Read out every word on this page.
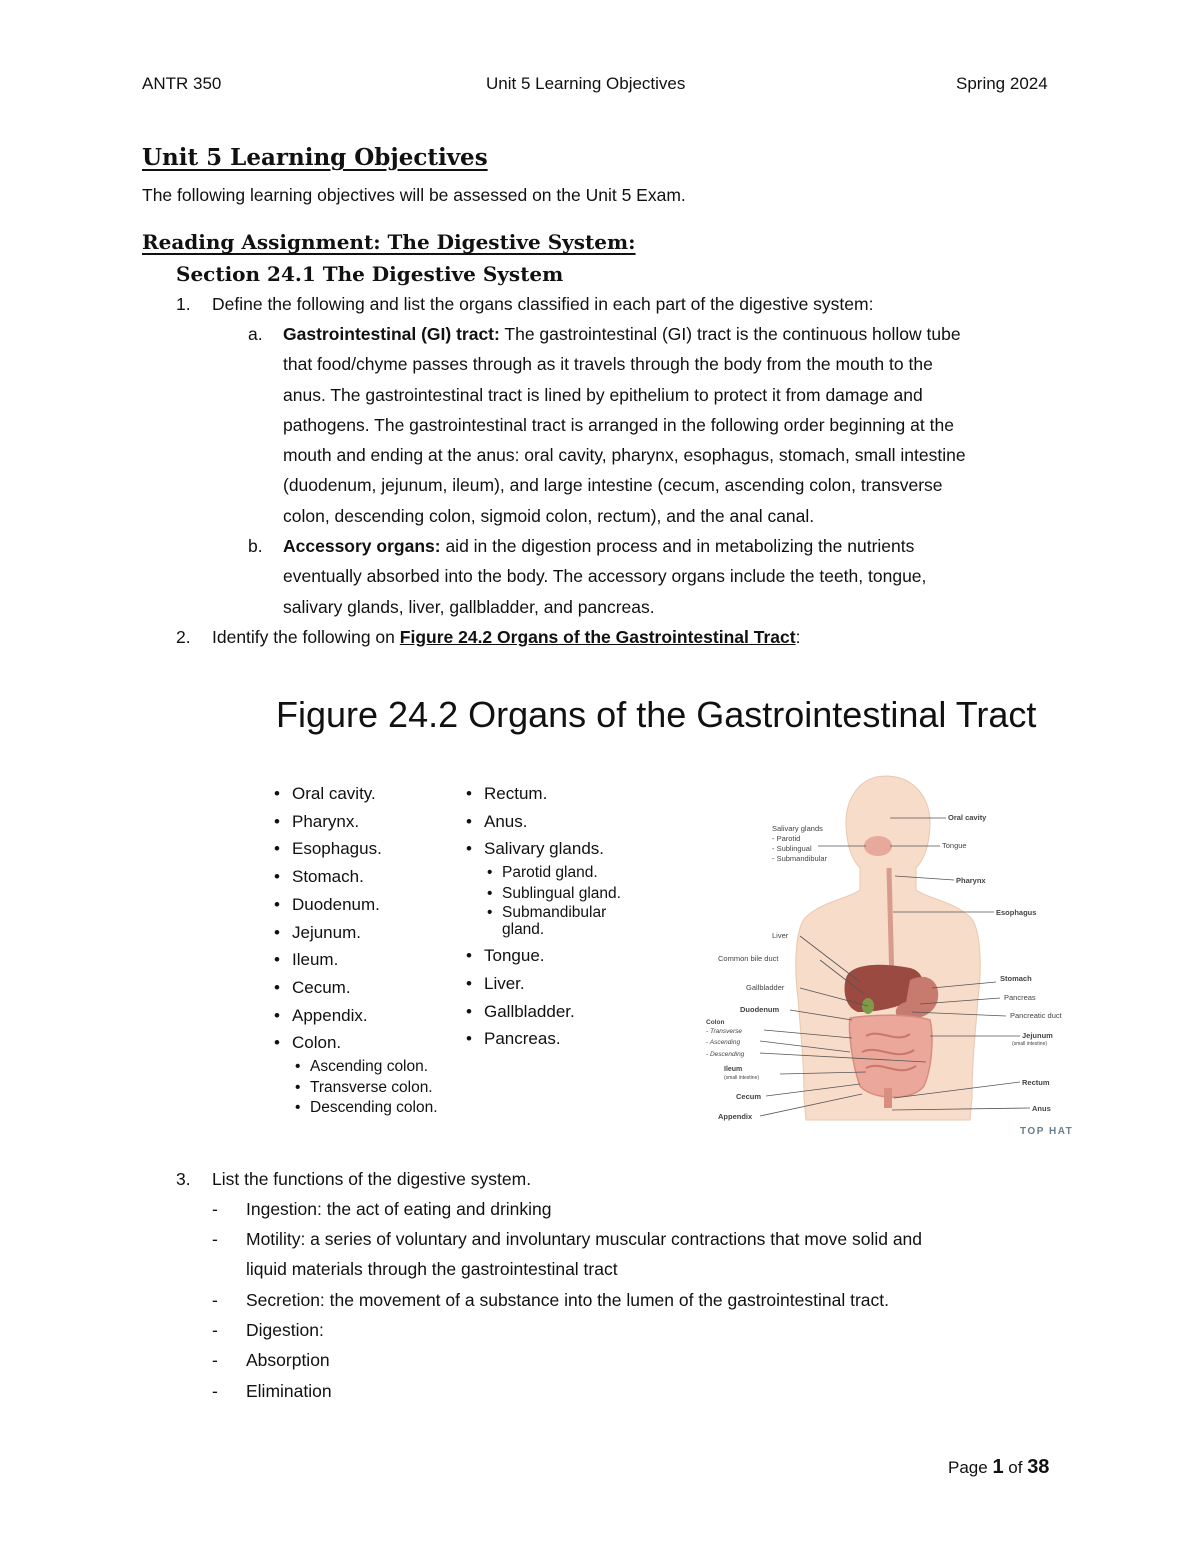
ANTR 350	Unit 5 Learning Objectives	Spring 2024
Unit 5 Learning Objectives
The following learning objectives will be assessed on the Unit 5 Exam.
Reading Assignment: The Digestive System:
Section 24.1 The Digestive System
1. Define the following and list the organs classified in each part of the digestive system:
a. Gastrointestinal (GI) tract: The gastrointestinal (GI) tract is the continuous hollow tube
that food/chyme passes through as it travels through the body from the mouth to the
anus. The gastrointestinal tract is lined by epithelium to protect it from damage and
pathogens. The gastrointestinal tract is arranged in the following order beginning at the
mouth and ending at the anus: oral cavity, pharynx, esophagus, stomach, small intestine
(duodenum, jejunum, ileum), and large intestine (cecum, ascending colon, transverse
colon, descending colon, sigmoid colon, rectum), and the anal canal.
b. Accessory organs: aid in the digestion process and in metabolizing the nutrients
eventually absorbed into the body. The accessory organs include the teeth, tongue,
salivary glands, liver, gallbladder, and pancreas.
2. Identify the following on Figure 24.2 Organs of the Gastrointestinal Tract:
Figure 24.2 Organs of the Gastrointestinal Tract
• Oral cavity.
• Pharynx.
• Esophagus.
• Stomach.
• Duodenum.
• Jejunum.
• Ileum.
• Cecum.
• Appendix.
• Colon.
• Ascending colon.
• Transverse colon.
• Descending colon.
• Rectum.
• Anus.
• Salivary glands.
• Parotid gland.
• Sublingual gland.
• Submandibular gland.
• Tongue.
• Liver.
• Gallbladder.
• Pancreas.
Salivary glands
- Parotid
- Sublingual
- Submandibular
Liver
Common bile duct
Gallbladder
Duodenum
Colon
- Transverse
- Ascending
- Descending
Ileum
(small intestine)
Cecum
Appendix
Oral cavity
Tongue
Pharynx
Esophagus
Stomach
Pancreas
Pancreatic duct
Jejunum
(small intestine)
Rectum
Anus
TOP HAT
3. List the functions of the digestive system.
- Ingestion: the act of eating and drinking
- Motility: a series of voluntary and involuntary muscular contractions that move solid and
liquid materials through the gastrointestinal tract
- Secretion: the movement of a substance into the lumen of the gastrointestinal tract.
- Digestion:
- Absorption
- Elimination
Page 1 of 38
